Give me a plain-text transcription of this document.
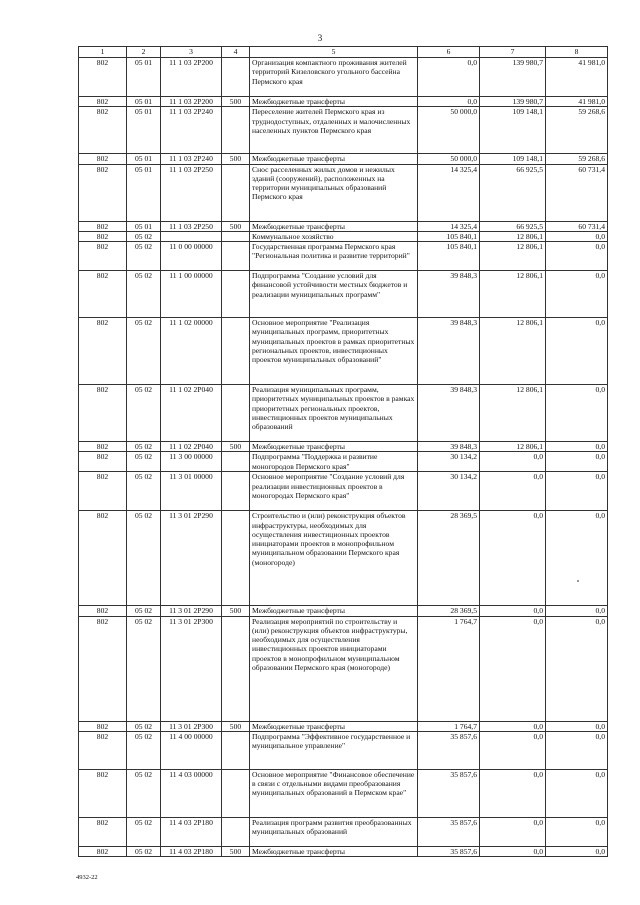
3
1	2	3	4	5	6	7	8
802	05 01	11 1 03 2P200		Организация компактного проживания жителей территорий Кизеловского угольного бассейна Пермского края	0,0	139 980,7	41 981,0
802	05 01	11 1 03 2P200	500	Межбюджетные трансферты	0,0	139 980,7	41 981,0
802	05 01	11 1 03 2P240		Переселение жителей Пермского края из труднодоступных, отдаленных и малочисленных населенных пунктов Пермского края	50 000,0	109 148,1	59 268,6
802	05 01	11 1 03 2P240	500	Межбюджетные трансферты	50 000,0	109 148,1	59 268,6
802	05 01	11 1 03 2P250		Снос расселенных жилых домов и нежилых зданий (сооружений), расположенных на территории муниципальных образований Пермского края	14 325,4	66 925,5	60 731,4
802	05 01	11 1 03 2P250	500	Межбюджетные трансферты	14 325,4	66 925,5	60 731,4
802	05 02			Коммунальное хозяйство	105 840,1	12 806,1	0,0
802	05 02	11 0 00 00000		Государственная программа Пермского края "Региональная политика и развитие территорий"	105 840,1	12 806,1	0,0
802	05 02	11 1 00 00000		Подпрограмма "Создание условий для финансовой устойчивости местных бюджетов и реализации муниципальных программ"	39 848,3	12 806,1	0,0
802	05 02	11 1 02 00000		Основное мероприятие "Реализация муниципальных программ, приоритетных муниципальных проектов в рамках приоритетных региональных проектов, инвестиционных проектов муниципальных образований"	39 848,3	12 806,1	0,0
802	05 02	11 1 02 2P040		Реализация муниципальных программ, приоритетных муниципальных проектов в рамках приоритетных региональных проектов, инвестиционных проектов муниципальных образований	39 848,3	12 806,1	0,0
802	05 02	11 1 02 2P040	500	Межбюджетные трансферты	39 848,3	12 806,1	0,0
802	05 02	11 3 00 00000		Подпрограмма "Поддержка и развитие моногородов Пермского края"	30 134,2	0,0	0,0
802	05 02	11 3 01 00000		Основное мероприятие "Создание условий для реализации инвестиционных проектов в моногородах Пермского края"	30 134,2	0,0	0,0
802	05 02	11 3 01 2P290		Строительство и (или) реконструкция объектов инфраструктуры, необходимых для осуществления инвестиционных проектов инициаторами проектов в монопрофильном муниципальном образовании Пермского края (моногороде)	28 369,5	0,0	0,0
802	05 02	11 3 01 2P290	500	Межбюджетные трансферты	28 369,5	0,0	0,0
802	05 02	11 3 01 2P300		Реализация мероприятий по строительству и (или) реконструкция объектов инфраструктуры, необходимых для осуществления инвестиционных проектов инициаторами проектов в монопрофильном муниципальном образовании Пермского края (моногороде)	1 764,7	0,0	0,0
802	05 02	11 3 01 2P300	500	Межбюджетные трансферты	1 764,7	0,0	0,0
802	05 02	11 4 00 00000		Подпрограмма "Эффективное государственное и муниципальное управление"	35 857,6	0,0	0,0
802	05 02	11 4 03 00000		Основное мероприятие "Финансовое обеспечение в связи с отдельными видами преобразования муниципальных образований в Пермском крае"	35 857,6	0,0	0,0
802	05 02	11 4 03 2P180		Реализация программ развития преобразованных муниципальных образований	35 857,6	0,0	0,0
802	05 02	11 4 03 2P180	500	Межбюджетные трансферты	35 857,6	0,0	0,0
4932-22
